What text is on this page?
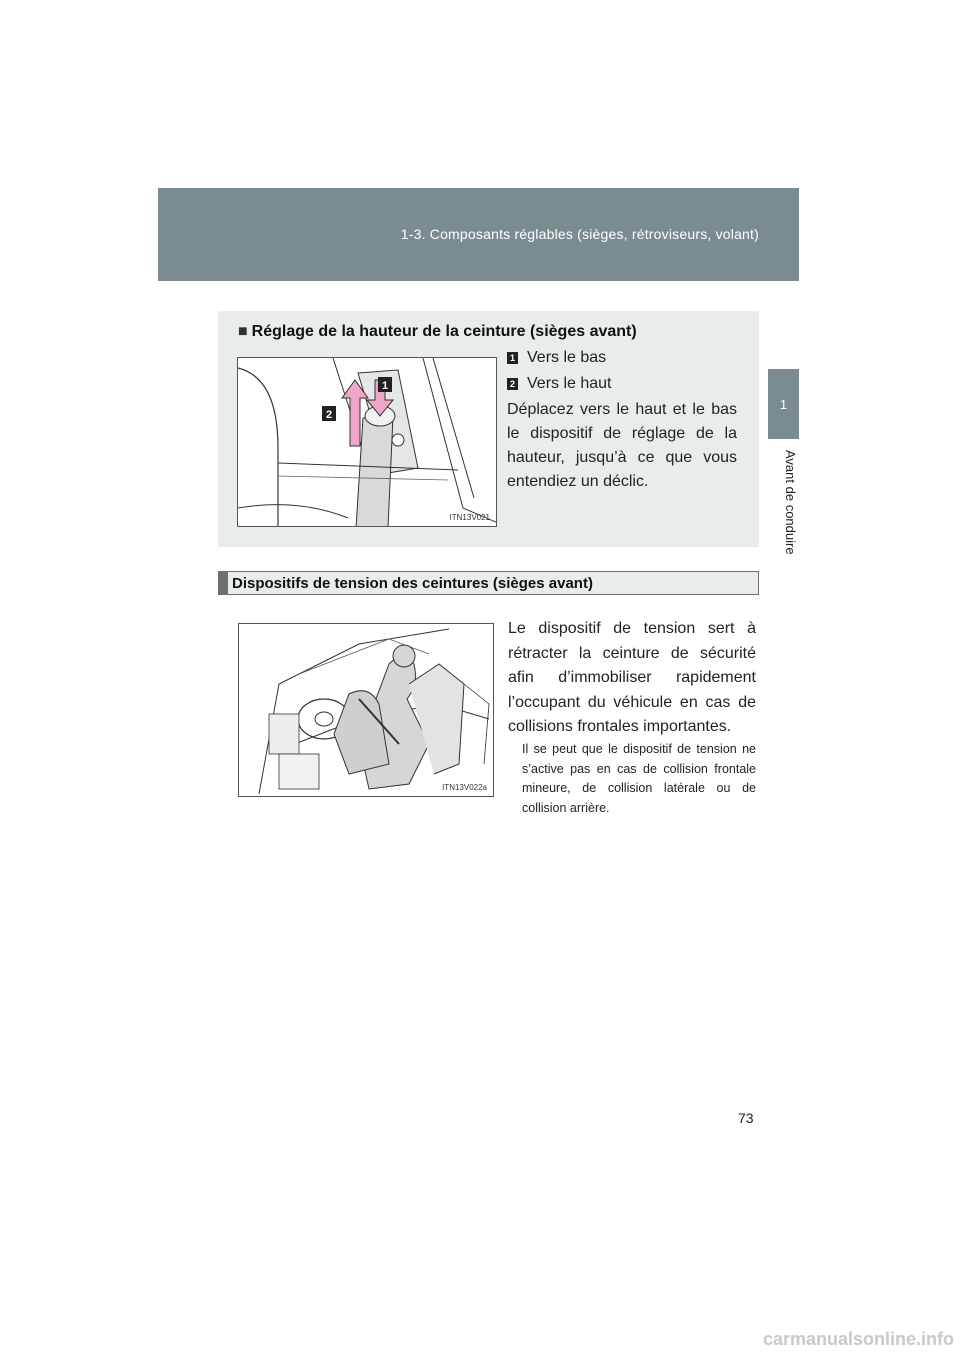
1-3. Composants réglables (sièges, rétroviseurs, volant)
1
Avant de conduire
■ Réglage de la hauteur de la ceinture (sièges avant)
1
2
ITN13V021
1 Vers le bas
2 Vers le haut
Déplacez vers le haut et le bas le dispositif de réglage de la hauteur, jusqu’à ce que vous entendiez un déclic.
Dispositifs de tension des ceintures (sièges avant)
ITN13V022a
Le dispositif de tension sert à rétracter la ceinture de sécurité afin d’immobiliser rapidement l’occupant du véhicule en cas de collisions frontales importantes.
Il se peut que le dispositif de tension ne s’active pas en cas de collision frontale mineure, de collision latérale ou de collision arrière.
73
carmanualsonline.info
